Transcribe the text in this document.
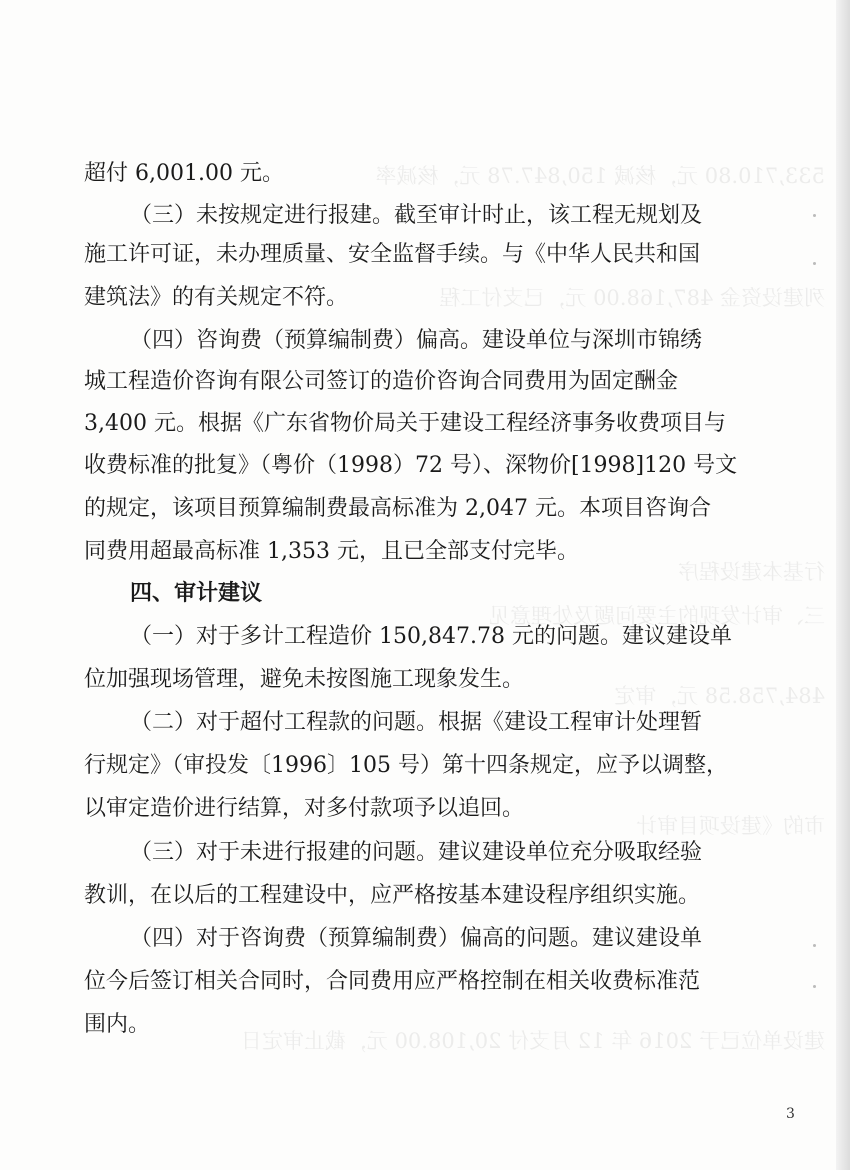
超付 6,001.00 元。
（三）未按规定进行报建。截至审计时止，该工程无规划及
施工许可证，未办理质量、安全监督手续。与《中华人民共和国
建筑法》的有关规定不符。
（四）咨询费（预算编制费）偏高。建设单位与深圳市锦绣
城工程造价咨询有限公司签订的造价咨询合同费用为固定酬金
3,400 元。根据《广东省物价局关于建设工程经济事务收费项目与
收费标准的批复》（粤价（1998）72 号）、深物价[1998]120 号文
的规定，该项目预算编制费最高标准为 2,047 元。本项目咨询合
同费用超最高标准 1,353 元，且已全部支付完毕。
四、审计建议
（一）对于多计工程造价 150,847.78 元的问题。建议建设单
位加强现场管理，避免未按图施工现象发生。
（二）对于超付工程款的问题。根据《建设工程审计处理暂
行规定》（审投发〔1996〕105 号）第十四条规定，应予以调整，
以审定造价进行结算，对多付款项予以追回。
（三）对于未进行报建的问题。建议建设单位充分吸取经验
教训，在以后的工程建设中，应严格按基本建设程序组织实施。
（四）对于咨询费（预算编制费）偏高的问题。建议建设单
位今后签订相关合同时，合同费用应严格控制在相关收费标准范
围内。
3
